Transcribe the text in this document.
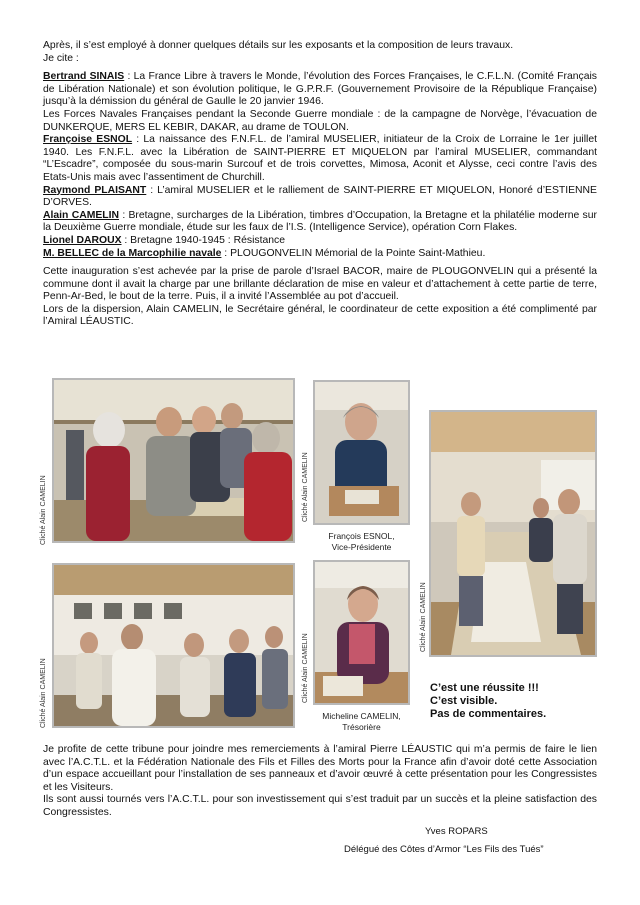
Après, il s’est employé à donner quelques détails sur les exposants et la composition de leurs travaux.

Je cite :

Bertrand SINAIS : La France Libre à travers le Monde, l’évolution des Forces Françaises, le C.F.L.N. (Comité Français de Libération Nationale) et son évolution politique, le G.P.R.F. (Gouvernement Provisoire de la République Française) jusqu’à la démission du général de Gaulle le 20 janvier 1946.

Les Forces Navales Françaises pendant la Seconde Guerre mondiale : de la campagne de Norvège, l’évacuation de DUNKERQUE, MERS EL KEBIR, DAKAR, au drame de TOULON.

Françoise ESNOL : La naissance des F.N.F.L. de l’amiral MUSELIER, initiateur de la Croix de Lorraine le 1er juillet 1940. Les F.N.F.L. avec la Libération de SAINT-PIERRE ET MIQUELON par l’amiral MUSELIER, commandant “L’Escadre”, composée du sous-marin Surcouf et de trois corvettes, Mimosa, Aconit et Alysse, ceci contre l’avis des Etats-Unis mais avec l’assentiment de Churchill.

Raymond PLAISANT : L’amiral MUSELIER et le ralliement de SAINT-PIERRE ET MIQUELON, Honoré d’ESTIENNE D’ORVES.

Alain CAMELIN : Bretagne, surcharges de la Libération, timbres d’Occupation, la Bretagne et la philatélie moderne sur la Deuxième Guerre mondiale, étude sur les faux de l’I.S. (Intelligence Service), opération Corn Flakes.

Lionel DAROUX : Bretagne 1940-1945 : Résistance

M. BELLEC de la Marcophilie navale : PLOUGONVELIN Mémorial de la Pointe Saint-Mathieu.

Cette inauguration s’est achevée par la prise de parole d’Israel BACOR, maire de PLOUGONVELIN qui a présenté la commune dont il avait la charge par une brillante déclaration de mise en valeur et d’attachement à cette partie de terre, Penn-Ar-Bed, le bout de la terre. Puis, il a invité l’Assemblée au pot d’accueil.

Lors de la dispersion, Alain CAMELIN, le Secrétaire général, le coordinateur de cette exposition a été complimenté par l’Amiral LÉAUSTIC.

Cliché Alain CAMELIN	Cliché Alain CAMELIN
François ESNOL,
Vice-Présidente
Cliché Alain CAMELIN
Cliché Alain CAMELIN	Cliché Alain CAMELIN
Micheline CAMELIN,
Trésorière
C’est une réussite !!!
C’est visible.
Pas de commentaires.

Je profite de cette tribune pour joindre mes remerciements à l’amiral Pierre LÉAUSTIC qui m’a permis de faire le lien avec l’A.C.T.L. et la Fédération Nationale des Fils et Filles des Morts pour la France afin d’avoir doté cette Association d’un espace accueillant pour l’installation de ses panneaux et d’avoir œuvré à cette présentation pour les Congressistes et les Visiteurs.

Ils sont aussi tournés vers l’A.C.T.L. pour son investissement qui s’est traduit par un succès et la pleine satisfaction des Congressistes.

Yves ROPARS
Délégué des Côtes d’Armor “Les Fils des Tués”
